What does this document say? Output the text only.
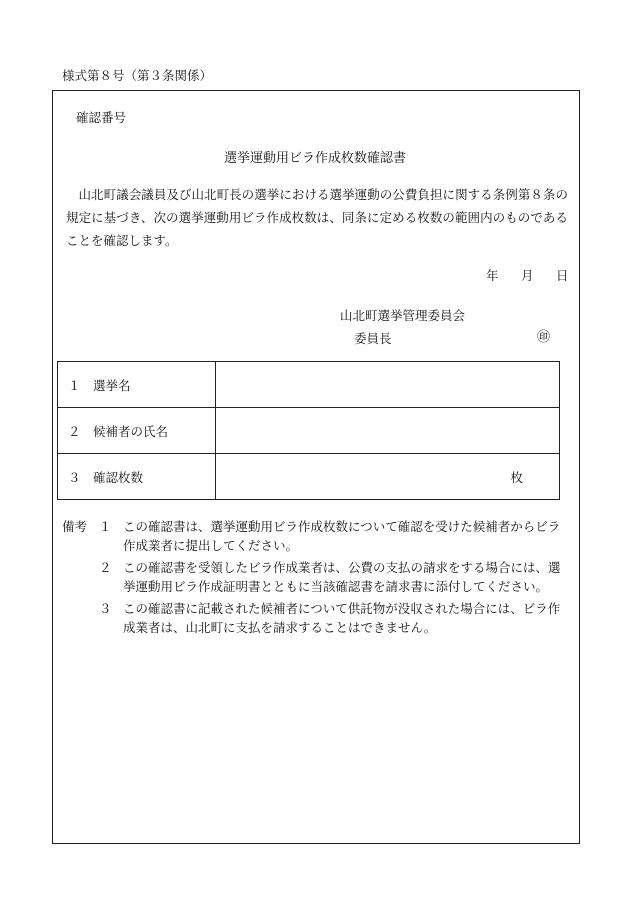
様式第８号（第３条関係）
確認番号
選挙運動用ビラ作成枚数確認書
山北町議会議員及び山北町長の選挙における選挙運動の公費負担に関する条例第８条の規定に基づき、次の選挙運動用ビラ作成枚数は、同条に定める枚数の範囲内のものであることを確認します。
年 月 日
山北町選挙管理委員会
委員長	㊞
１　選挙名	
２　候補者の氏名	
３　確認枚数	枚
備考 １ この確認書は、選挙運動用ビラ作成枚数について確認を受けた候補者からビラ作成業者に提出してください。
２ この確認書を受領したビラ作成業者は、公費の支払の請求をする場合には、選挙運動用ビラ作成証明書とともに当該確認書を請求書に添付してください。
３ この確認書に記載された候補者について供託物が没収された場合には、ビラ作成業者は、山北町に支払を請求することはできません。
